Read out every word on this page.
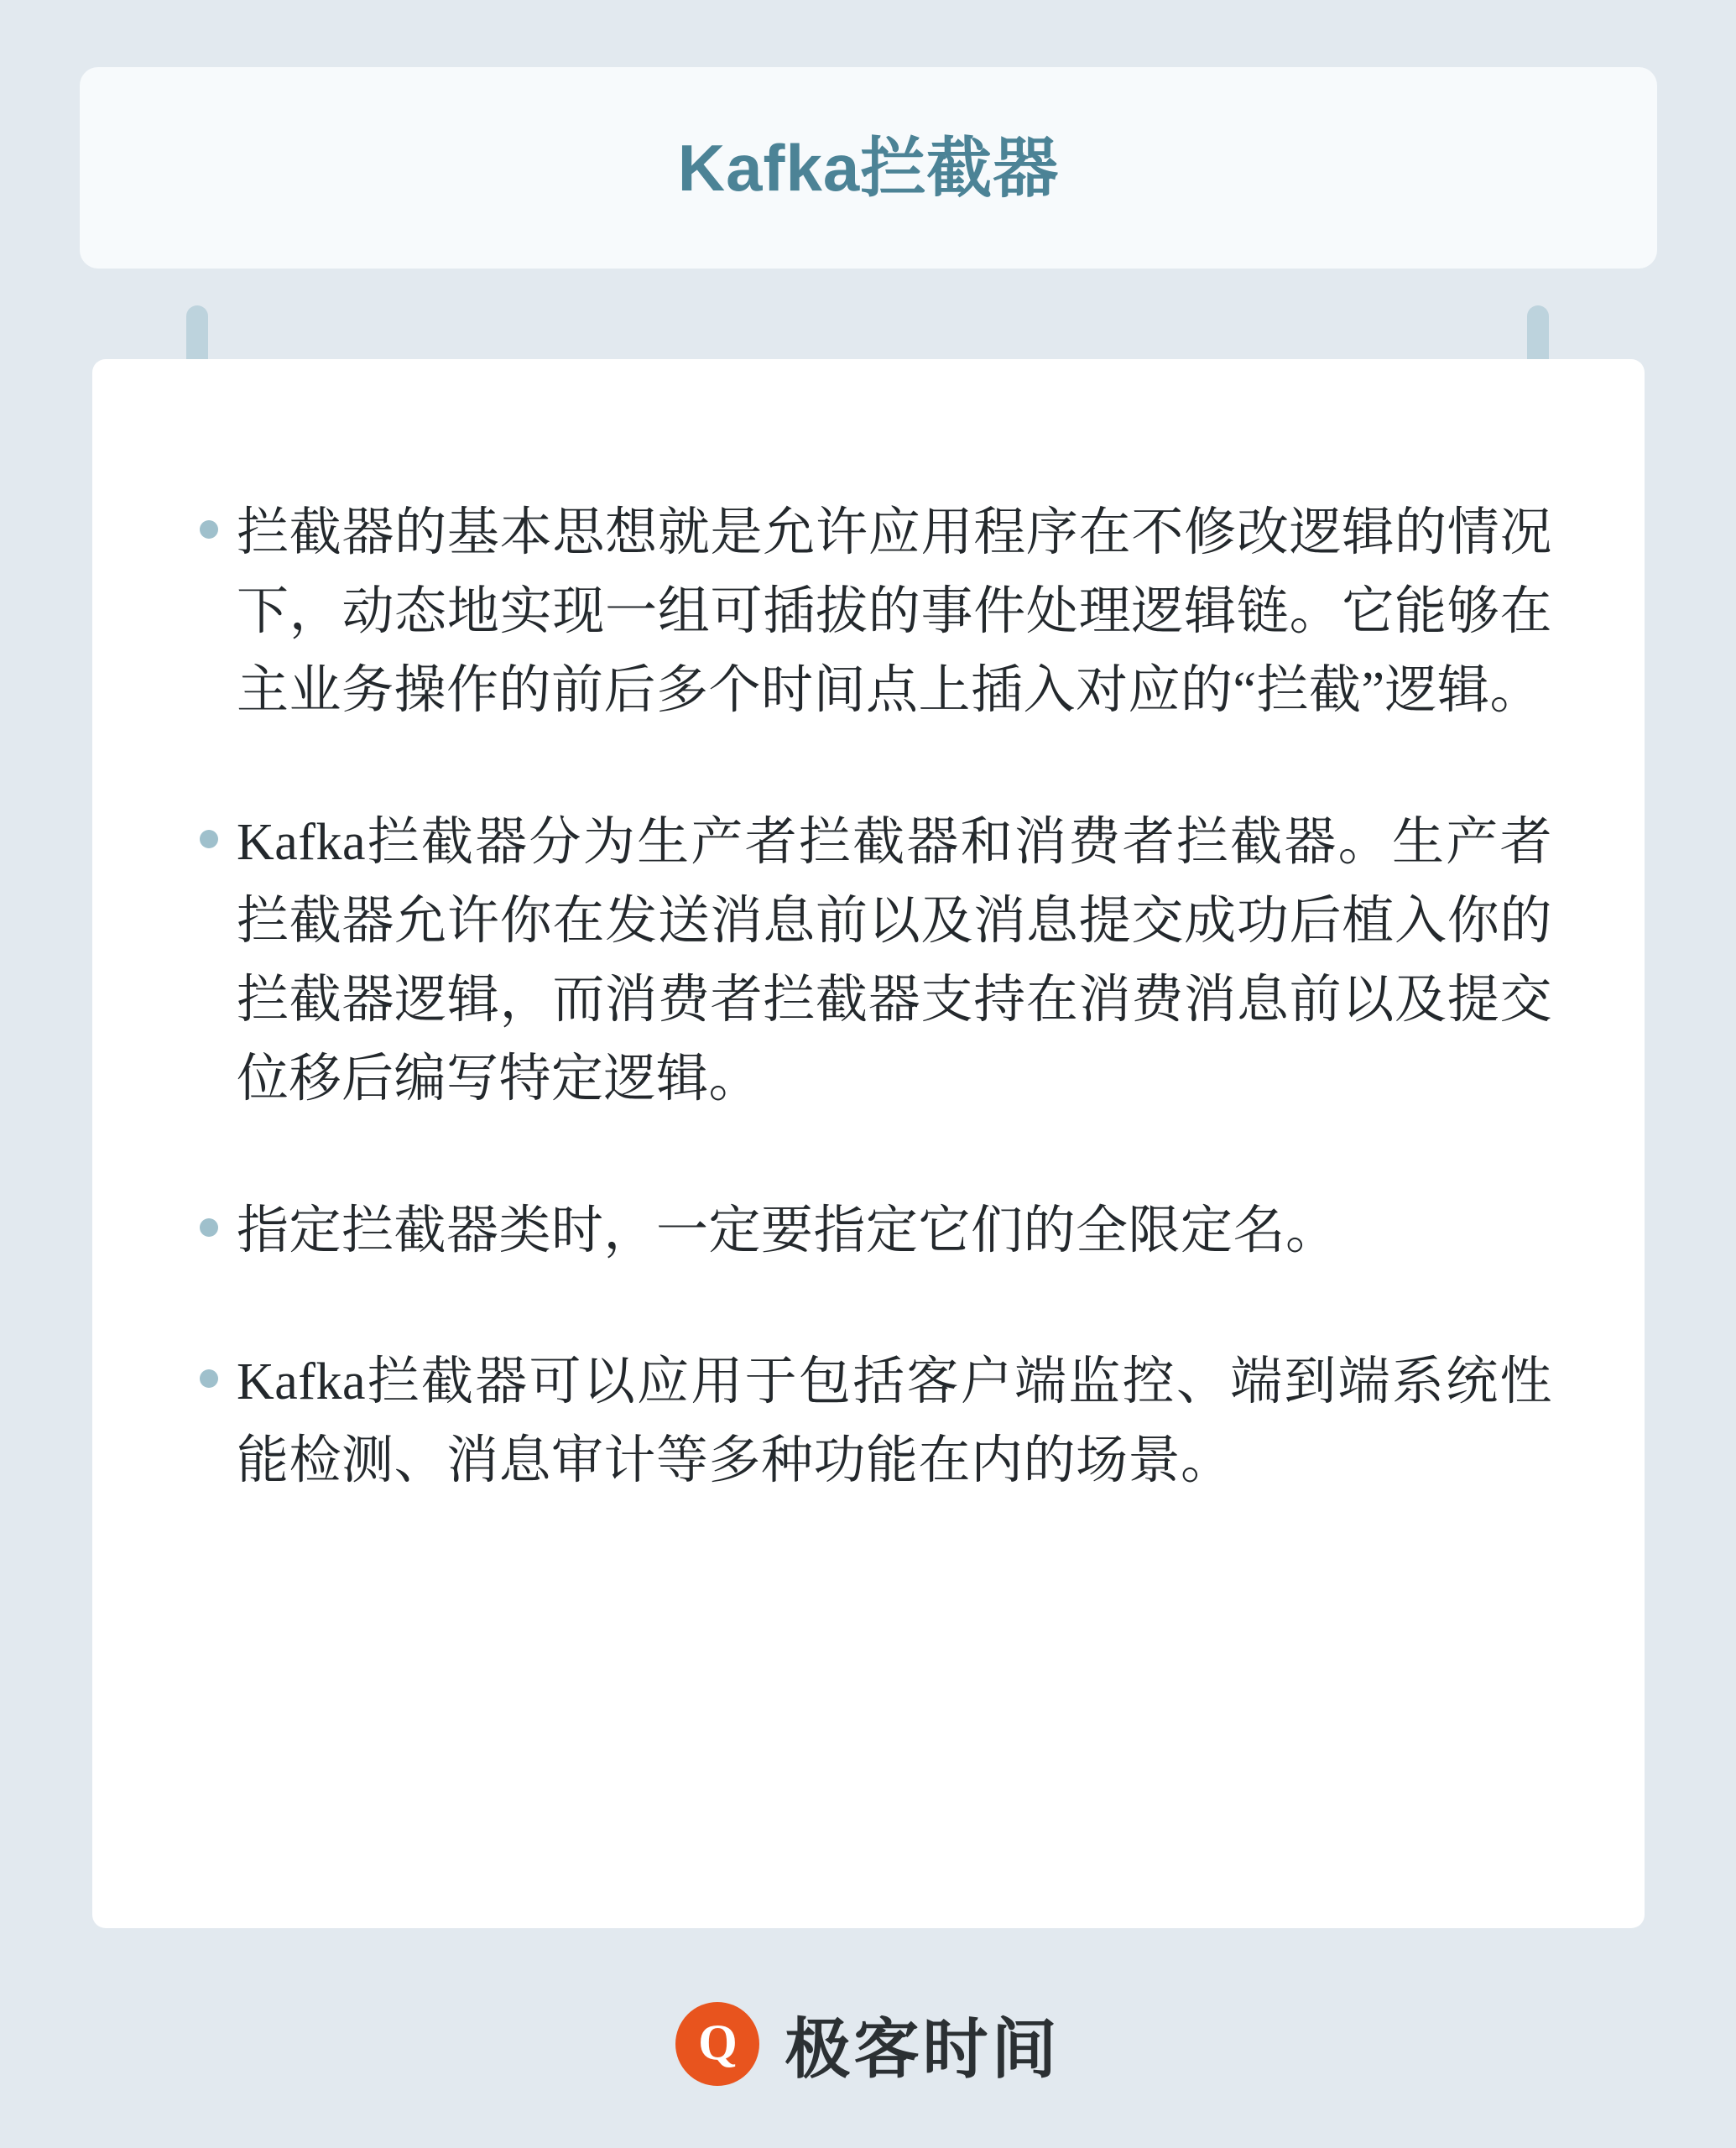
Kafka拦截器
拦截器的基本思想就是允许应用程序在不修改逻辑的情况下，动态地实现一组可插拔的事件处理逻辑链。它能够在主业务操作的前后多个时间点上插入对应的“拦截”逻辑。
Kafka拦截器分为生产者拦截器和消费者拦截器。生产者拦截器允许你在发送消息前以及消息提交成功后植入你的拦截器逻辑，而消费者拦截器支持在消费消息前以及提交位移后编写特定逻辑。
指定拦截器类时，一定要指定它们的全限定名。
Kafka拦截器可以应用于包括客户端监控、端到端系统性能检测、消息审计等多种功能在内的场景。
Q 极客时间
